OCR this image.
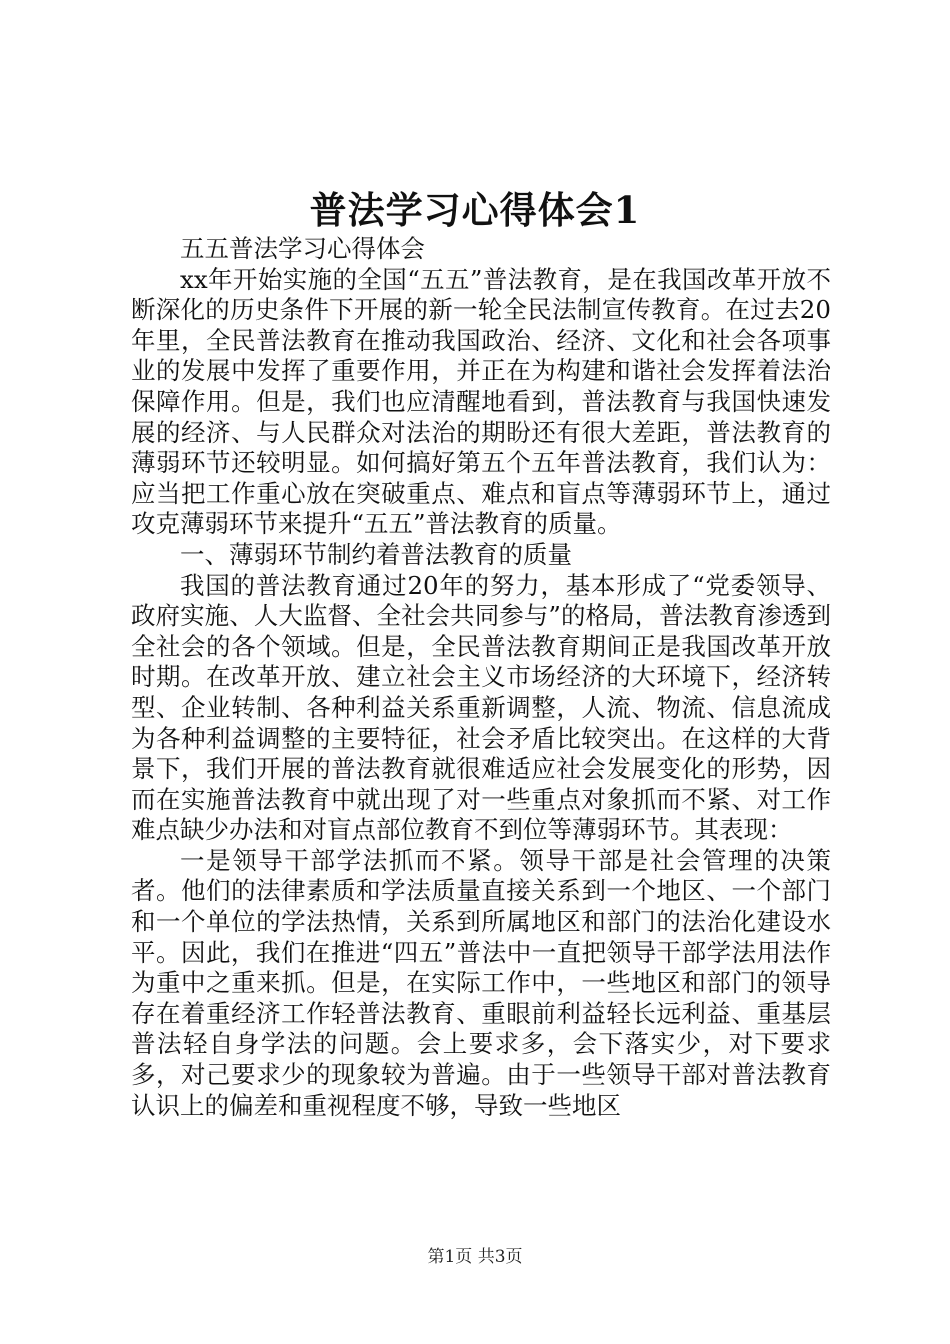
普法学习心得体会1

五五普法学习心得体会

xx年开始实施的全国“五五”普法教育，是在我国改革开放不断深化的历史条件下开展的新一轮全民法制宣传教育。在过去20年里，全民普法教育在推动我国政治、经济、文化和社会各项事业的发展中发挥了重要作用，并正在为构建和谐社会发挥着法治保障作用。但是，我们也应清醒地看到，普法教育与我国快速发展的经济、与人民群众对法治的期盼还有很大差距，普法教育的薄弱环节还较明显。如何搞好第五个五年普法教育，我们认为：应当把工作重心放在突破重点、难点和盲点等薄弱环节上，通过攻克薄弱环节来提升“五五”普法教育的质量。

一、薄弱环节制约着普法教育的质量

我国的普法教育通过20年的努力，基本形成了“党委领导、政府实施、人大监督、全社会共同参与”的格局，普法教育渗透到全社会的各个领域。但是，全民普法教育期间正是我国改革开放时期。在改革开放、建立社会主义市场经济的大环境下，经济转型、企业转制、各种利益关系重新调整，人流、物流、信息流成为各种利益调整的主要特征，社会矛盾比较突出。在这样的大背景下，我们开展的普法教育就很难适应社会发展变化的形势，因而在实施普法教育中就出现了对一些重点对象抓而不紧、对工作难点缺少办法和对盲点部位教育不到位等薄弱环节。其表现：

一是领导干部学法抓而不紧。领导干部是社会管理的决策者。他们的法律素质和学法质量直接关系到一个地区、一个部门和一个单位的学法热情，关系到所属地区和部门的法治化建设水平。因此，我们在推进“四五”普法中一直把领导干部学法用法作为重中之重来抓。但是，在实际工作中，一些地区和部门的领导存在着重经济工作轻普法教育、重眼前利益轻长远利益、重基层普法轻自身学法的问题。会上要求多，会下落实少，对下要求多，对己要求少的现象较为普遍。由于一些领导干部对普法教育认识上的偏差和重视程度不够，导致一些地区

第1页 共3页
